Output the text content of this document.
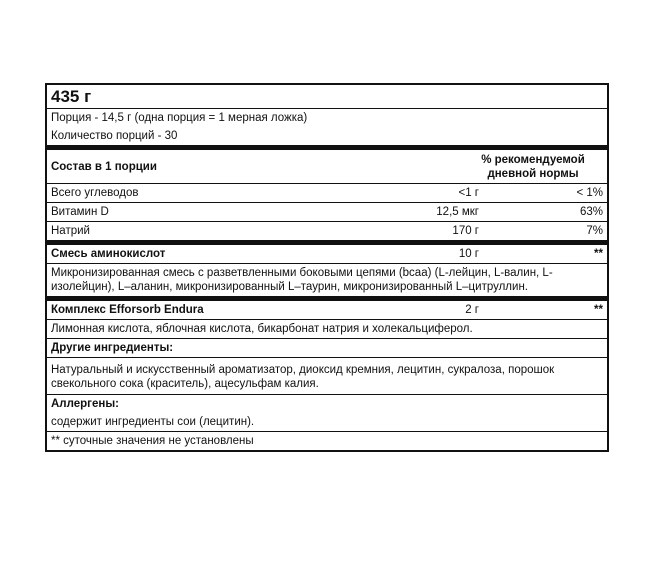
435 г
Порция - 14,5 г (одна порция = 1 мерная ложка)
Количество порций - 30
Состав в 1 порции
% рекомендуемой дневной нормы
Всего углеводов	<1 г	< 1%
Витамин D	12,5 мкг	63%
Натрий	170 г	7%
Смесь аминокислот	10 г	**
Микронизированная смесь с разветвленными боковыми цепями (bcaa) (L-лейцин, L-валин, L-изолейцин), L–аланин, микронизированный L–таурин, микронизированный L–цитруллин.
Комплекс Efforsorb Endura	2 г	**
Лимонная кислота, яблочная кислота, бикарбонат натрия и холекальциферол.
Другие ингредиенты:
Натуральный и искусственный ароматизатор, диоксид кремния, лецитин, сукралоза, порошок свекольного сока (краситель), ацесульфам калия.
Аллергены:
содержит ингредиенты сои (лецитин).
** суточные значения не установлены
